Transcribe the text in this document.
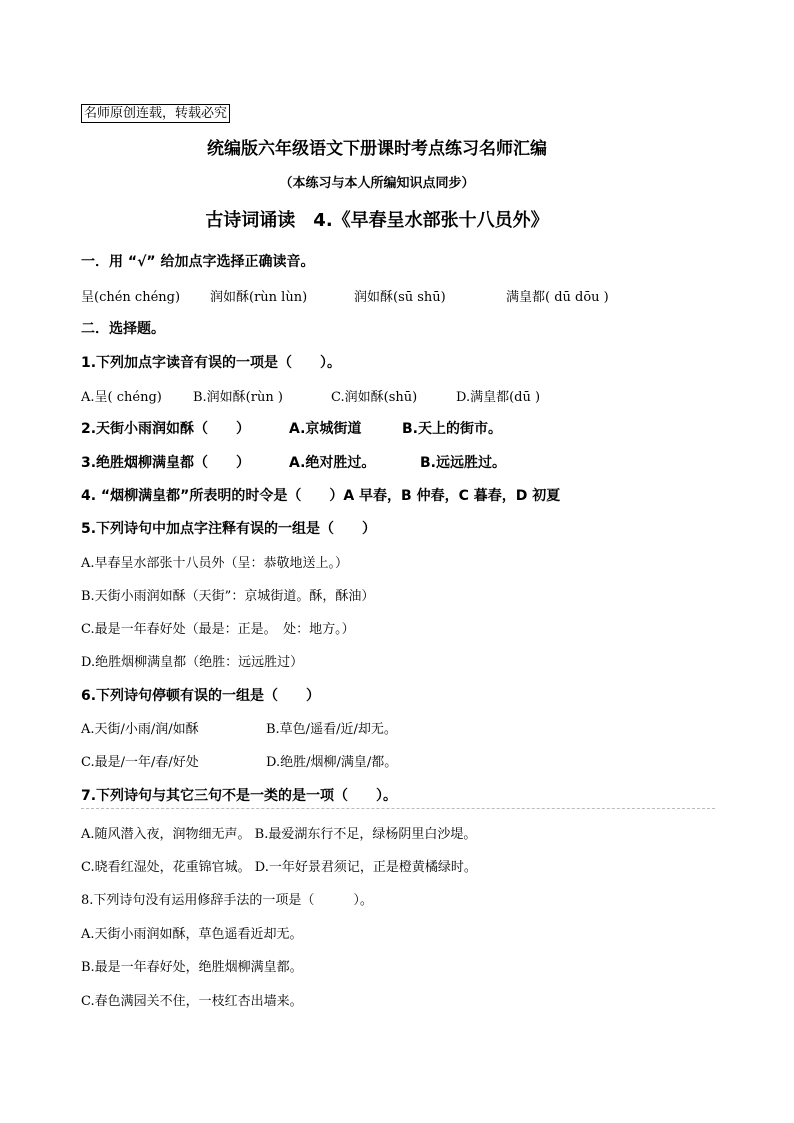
名师原创连载，转载必究
统编版六年级语文下册课时考点练习名师汇编
（本练习与本人所编知识点同步）
古诗词诵读　4.《早春呈水部张十八员外》
一．用 “√” 给加点字选择正确读音。
呈(chén chéng) 润如酥(rùn lùn)	润如酥(sū shū)	满皇都( dū dōu )
二．选择题。
1.下列加点字读音有误的一项是（　　）。
A.呈( chéng) B.润如酥(rùn )	C.润如酥(shū)	D.满皇都(dū )
2.天街小雨润如酥（　　）	A.京城街道	B.天上的街市。
3.绝胜烟柳满皇都（　　）	A.绝对胜过。	B.远远胜过。
4. “烟柳满皇都”所表明的时令是（　　）A 早春，B 仲春，C 暮春，D 初夏
5.下列诗句中加点字注释有误的一组是（　　）
A.早春呈水部张十八员外（呈：恭敬地送上。）
B.天街小雨润如酥（天街”：京城街道。酥，酥油）
C.最是一年春好处（最是：正是。　处：地方。）
D.绝胜烟柳满皇都（绝胜：远远胜过）
6.下列诗句停顿有误的一组是（　　）
A.天街/小雨/润/如酥	B.草色/遥看/近/却无。
C.最是/一年/春/好处	D.绝胜/烟柳/满皇/都。
7.下列诗句与其它三句不是一类的是一项（　　）。
A.随风潜入夜，润物细无声。 B.最爱湖东行不足，绿杨阴里白沙堤。
C.晓看红湿处，花重锦官城。 D.一年好景君须记，正是橙黄橘绿时。
8.下列诗句没有运用修辞手法的一项是（　　　）。
A.天街小雨润如酥，草色遥看近却无。
B.最是一年春好处，绝胜烟柳满皇都。
C.春色满园关不住，一枝红杏出墙来。
